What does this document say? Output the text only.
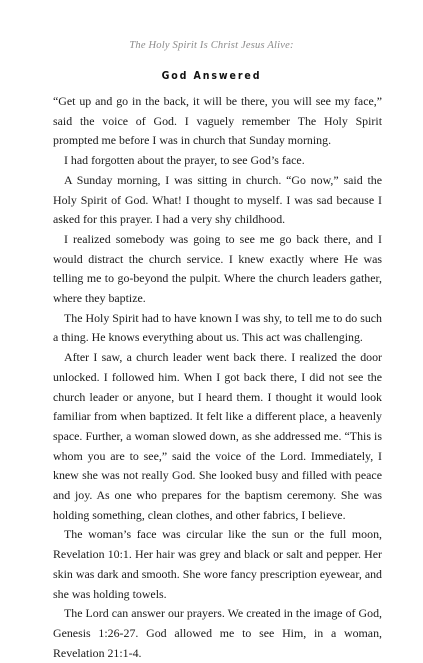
The Holy Spirit Is Christ Jesus Alive:
God Answered

“Get up and go in the back, it will be there, you will see my face,” said the voice of God. I vaguely remember The Holy Spirit prompted me before I was in church that Sunday morning.

I had forgotten about the prayer, to see God’s face.

A Sunday morning, I was sitting in church. “Go now,” said the Holy Spirit of God. What! I thought to myself. I was sad because I asked for this prayer. I had a very shy childhood.

I realized somebody was going to see me go back there, and I would distract the church service. I knew exactly where He was telling me to go-beyond the pulpit. Where the church leaders gather, where they baptize.

The Holy Spirit had to have known I was shy, to tell me to do such a thing. He knows everything about us. This act was challenging.

After I saw, a church leader went back there. I realized the door unlocked. I followed him. When I got back there, I did not see the church leader or anyone, but I heard them. I thought it would look familiar from when baptized. It felt like a different place, a heavenly space. Further, a woman slowed down, as she addressed me. “This is whom you are to see,” said the voice of the Lord. Immediately, I knew she was not really God. She looked busy and filled with peace and joy. As one who prepares for the baptism ceremony. She was holding something, clean clothes, and other fabrics, I believe.

The woman’s face was circular like the sun or the full moon, Revelation 10:1. Her hair was grey and black or salt and pepper. Her skin was dark and smooth. She wore fancy prescription eyewear, and she was holding towels.

The Lord can answer our prayers. We created in the image of God, Genesis 1:26-27. God allowed me to see Him, in a woman, Revelation 21:1-4.
